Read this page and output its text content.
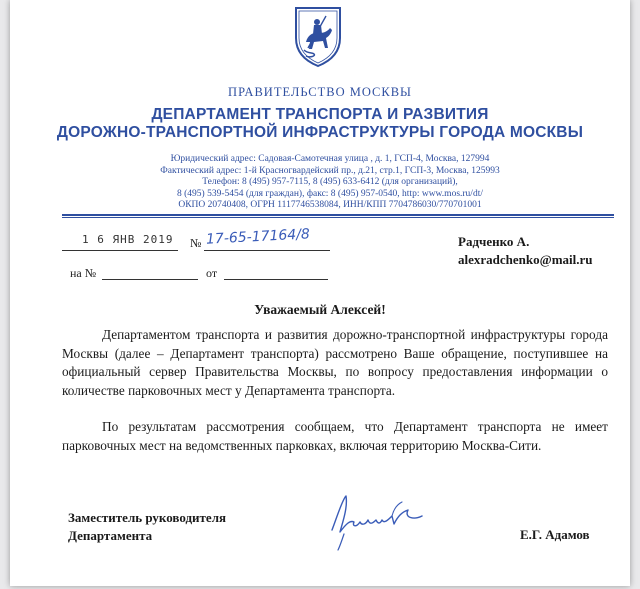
ПРАВИТЕЛЬСТВО МОСКВЫ
ДЕПАРТАМЕНТ ТРАНСПОРТА И РАЗВИТИЯ
ДОРОЖНО-ТРАНСПОРТНОЙ ИНФРАСТРУКТУРЫ ГОРОДА МОСКВЫ
Юридический адрес: Садовая-Самотечная улица , д. 1, ГСП-4, Москва, 127994
Фактический адрес: 1-й Красногвардейский пр., д.21, стр.1, ГСП-3, Москва, 125993
Телефон: 8 (495) 957-7115, 8 (495) 633-6412 (для организаций),
8 (495) 539-5454 (для граждан), факс: 8 (495) 957-0540, http: www.mos.ru/dt/
ОКПО 20740408, ОГРН 1117746538084, ИНН/КПП 7704786030/770701001
1 6 ЯНВ 2019 № 17-65-17164/8
на №	от
Радченко А.
alexradchenko@mail.ru
Уважаемый Алексей!
Департаментом транспорта и развития дорожно-транспортной инфраструктуры города Москвы (далее – Департамент транспорта) рассмотрено Ваше обращение, поступившее на официальный сервер Правительства Москвы, по вопросу предоставления информации о количестве парковочных мест у Департамента транспорта.
По результатам рассмотрения сообщаем, что Департамент транспорта не имеет парковочных мест на ведомственных парковках, включая территорию Москва-Сити.
Заместитель руководителя
Департамента	Е.Г. Адамов
